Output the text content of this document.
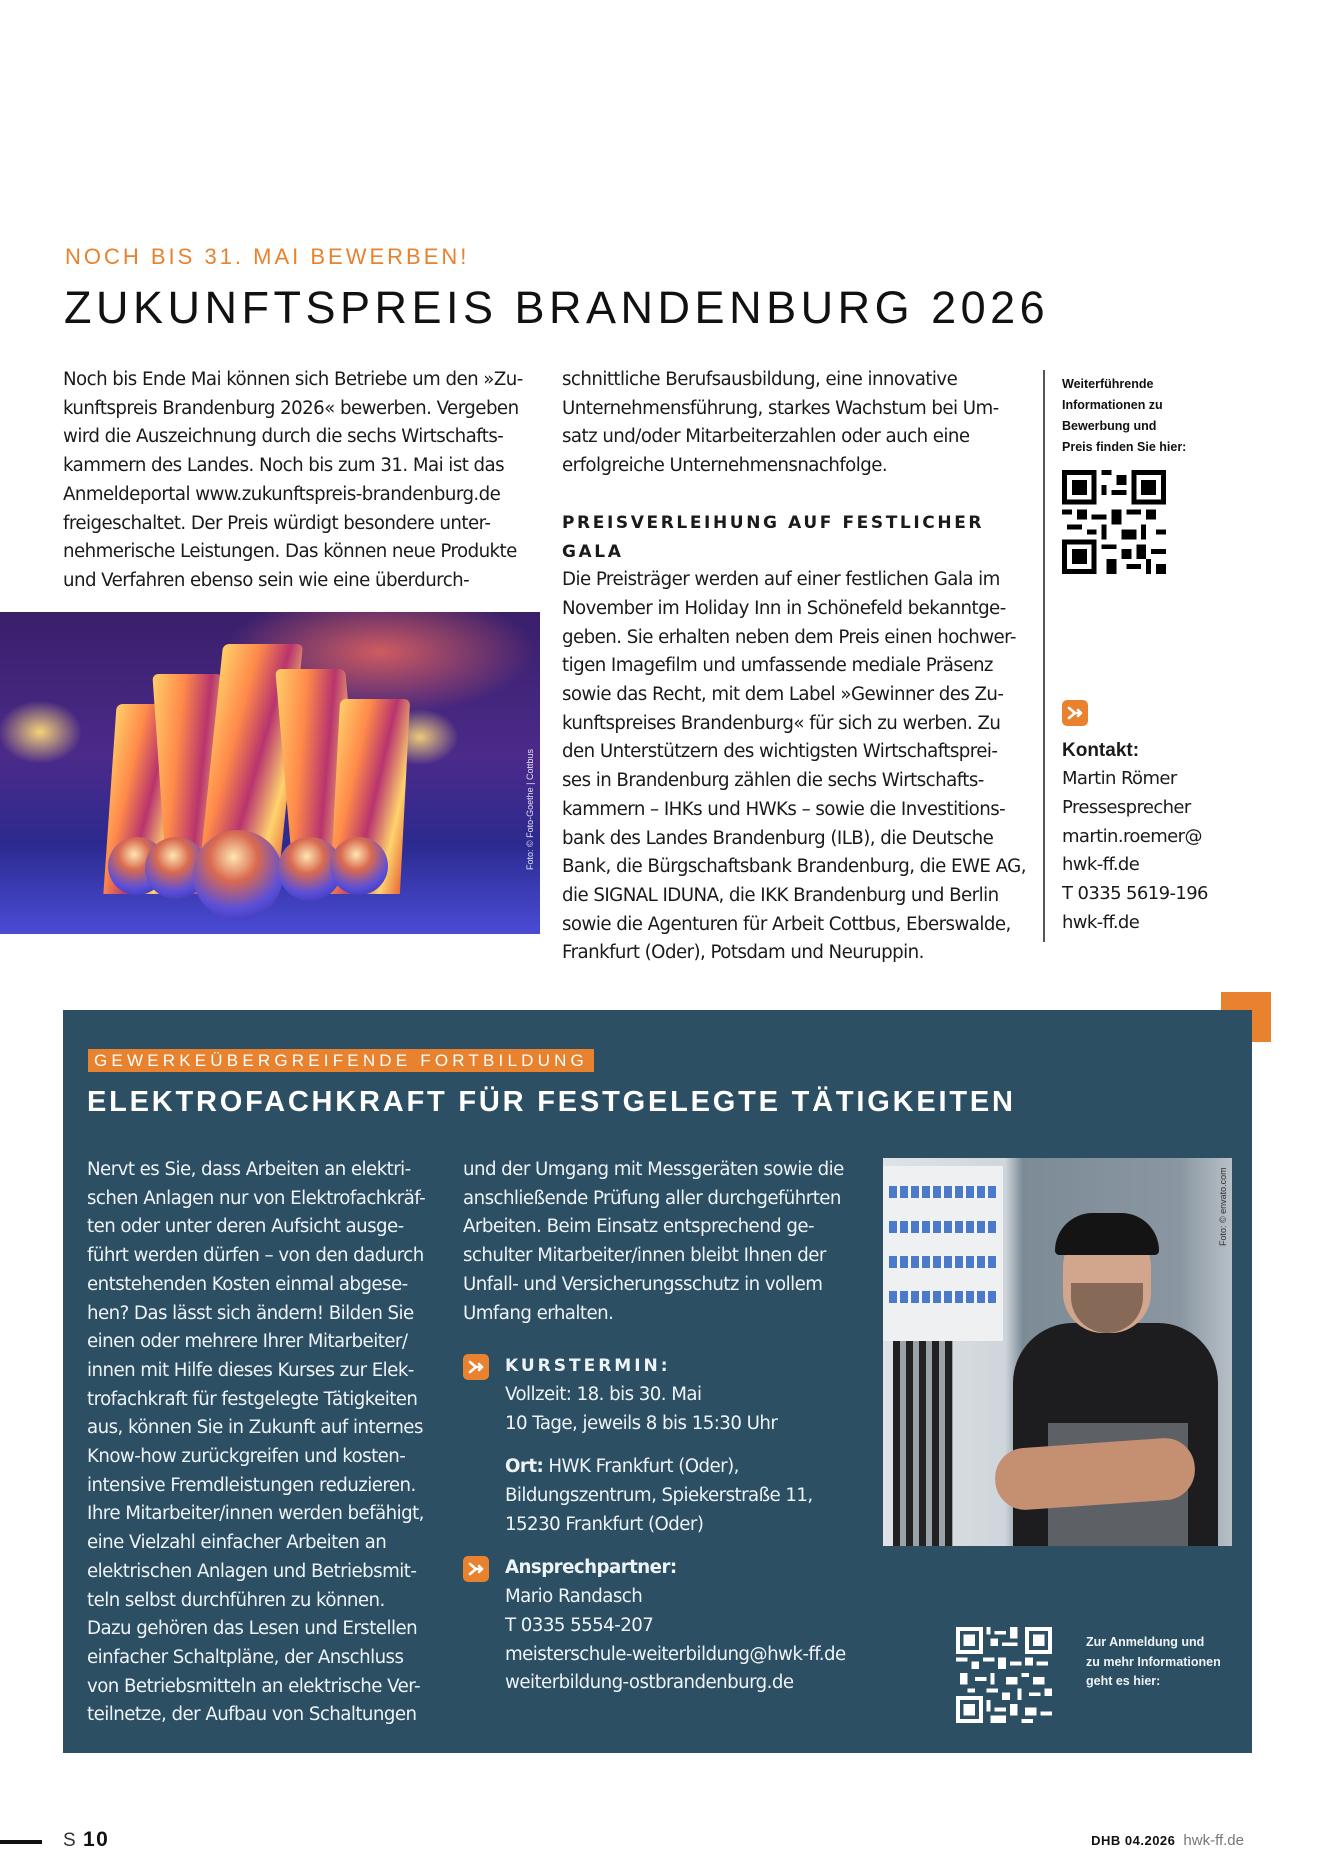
NOCH BIS 31. MAI BEWERBEN!
ZUKUNFTSPREIS BRANDENBURG 2026
Noch bis Ende Mai können sich Betriebe um den »Zu-
kunftspreis Brandenburg 2026« bewerben. Vergeben
wird die Auszeichnung durch die sechs Wirtschafts-
kammern des Landes. Noch bis zum 31. Mai ist das
Anmeldeportal www.zukunftspreis-brandenburg.de
freigeschaltet. Der Preis würdigt besondere unter-
nehmerische Leistungen. Das können neue Produkte
und Verfahren ebenso sein wie eine überdurch-
Foto: © Foto-Goethe | Cottbus
schnittliche Berufsausbildung, eine innovative
Unternehmensführung, starkes Wachstum bei Um-
satz und/oder Mitarbeiterzahlen oder auch eine
erfolgreiche Unternehmensnachfolge.
PREISVERLEIHUNG AUF FESTLICHER GALA
Die Preisträger werden auf einer festlichen Gala im
November im Holiday Inn in Schönefeld bekanntge-
geben. Sie erhalten neben dem Preis einen hochwer-
tigen Imagefilm und umfassende mediale Präsenz
sowie das Recht, mit dem Label »Gewinner des Zu-
kunftspreises Brandenburg« für sich zu werben. Zu
den Unterstützern des wichtigsten Wirtschaftsprei-
ses in Brandenburg zählen die sechs Wirtschafts-
kammern – IHKs und HWKs – sowie die Investitions-
bank des Landes Brandenburg (ILB), die Deutsche
Bank, die Bürgschaftsbank Brandenburg, die EWE AG,
die SIGNAL IDUNA, die IKK Brandenburg und Berlin
sowie die Agenturen für Arbeit Cottbus, Eberswalde,
Frankfurt (Oder), Potsdam und Neuruppin.
Weiterführende
Informationen zu
Bewerbung und
Preis finden Sie hier:
Kontakt:
Martin Römer
Pressesprecher
martin.roemer@
hwk-ff.de
T 0335 5619-196
hwk-ff.de
GEWERKEÜBERGREIFENDE FORTBILDUNG
ELEKTROFACHKRAFT FÜR FESTGELEGTE TÄTIGKEITEN
Nervt es Sie, dass Arbeiten an elektri-
schen Anlagen nur von Elektrofachkräf-
ten oder unter deren Aufsicht ausge-
führt werden dürfen – von den dadurch
entstehenden Kosten einmal abgese-
hen? Das lässt sich ändern! Bilden Sie
einen oder mehrere Ihrer Mitarbeiter/
innen mit Hilfe dieses Kurses zur Elek-
trofachkraft für festgelegte Tätigkeiten
aus, können Sie in Zukunft auf internes
Know-how zurückgreifen und kosten-
intensive Fremdleistungen reduzieren.
Ihre Mitarbeiter/innen werden befähigt,
eine Vielzahl einfacher Arbeiten an
elektrischen Anlagen und Betriebsmit-
teln selbst durchführen zu können.
Dazu gehören das Lesen und Erstellen
einfacher Schaltpläne, der Anschluss
von Betriebsmitteln an elektrische Ver-
teilnetze, der Aufbau von Schaltungen
und der Umgang mit Messgeräten sowie die
anschließende Prüfung aller durchgeführten
Arbeiten. Beim Einsatz entsprechend ge-
schulter Mitarbeiter/innen bleibt Ihnen der
Unfall- und Versicherungsschutz in vollem
Umfang erhalten.
KURSTERMIN:
Vollzeit: 18. bis 30. Mai
10 Tage, jeweils 8 bis 15:30 Uhr
Ort: HWK Frankfurt (Oder),
Bildungszentrum, Spiekerstraße 11,
15230 Frankfurt (Oder)
Ansprechpartner:
Mario Randasch
T 0335 5554-207
meisterschule-weiterbildung@hwk-ff.de
weiterbildung-ostbrandenburg.de
Foto: © envato.com
Zur Anmeldung und
zu mehr Informationen
geht es hier:
S 10	DHB 04.2026 hwk-ff.de
